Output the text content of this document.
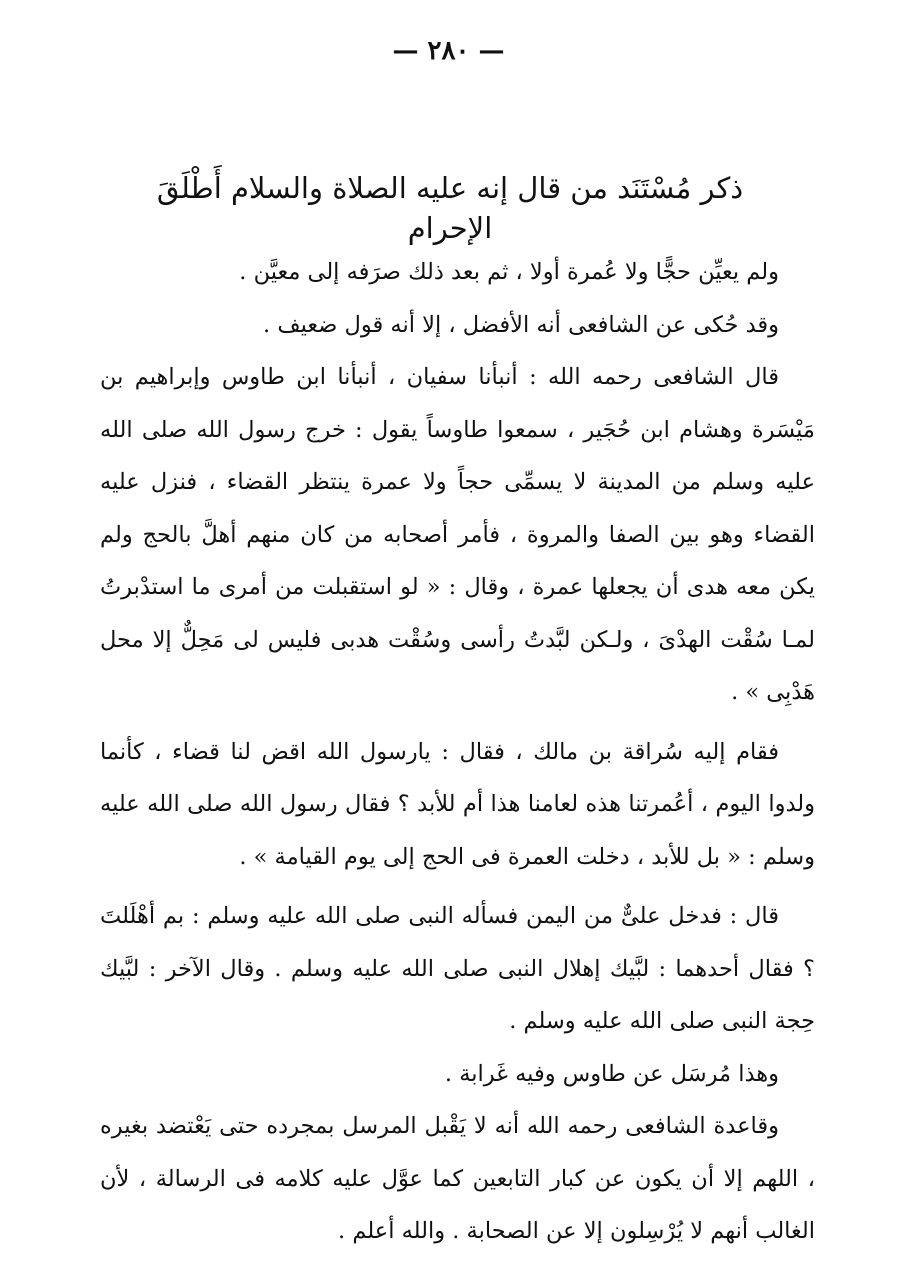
— ٢٨٠ —
ذكر مُسْتَنَد من قال إنه عليه الصلاة والسلام أَطْلَقَ الإحرام

ولم يعيِّن حجًّا ولا عُمرة أولا ، ثم بعد ذلك صرَفه إلى معيَّن .

وقد حُكى عن الشافعى أنه الأفضل ، إلا أنه قول ضعيف .

قال الشافعى رحمه الله : أنبأنا سفيان ، أنبأنا ابن طاوس وإبراهيم بن مَيْسَرة وهشام ابن حُجَير ، سمعوا طاوساً يقول : خرج رسول الله صلى الله عليه وسلم من المدينة لا يسمِّى حجاً ولا عمرة ينتظر القضاء ، فنزل عليه القضاء وهو بين الصفا والمروة ، فأمر أصحابه من كان منهم أهلَّ بالحج ولم يكن معه هدى أن يجعلها عمرة ، وقال : « لو استقبلت من أمرى ما استدْبرتُ لمـا سُقْت الهدْىَ ، ولـكن لبَّدتُ رأسى وسُقْت هدبى فليس لى مَحِلٌّ إلا محل هَدْبِى » .

فقام إليه سُراقة بن مالك ، فقال : يارسول الله اقض لنا قضاء ، كأنما ولدوا اليوم ، أعُمرتنا هذه لعامنا هذا أم للأبد ؟ فقال رسول الله صلى الله عليه وسلم : « بل للأبد ، دخلت العمرة فى الحج إلى يوم القيامة » .

قال : فدخل علىٌّ من اليمن فسأله النبى صلى الله عليه وسلم : بم أهْلَلتَ ؟ فقال أحدهما : لبَّيك إهلال النبى صلى الله عليه وسلم . وقال الآخر : لبَّيك حِجة النبى صلى الله عليه وسلم .

وهذا مُرسَل عن طاوس وفيه غَرابة .

وقاعدة الشافعى رحمه الله أنه لا يَقْبل المرسل بمجرده حتى يَعْتضد بغيره ، اللهم إلا أن يكون عن كبار التابعين كما عوَّل عليه كلامه فى الرسالة ، لأن الغالب أنهم لا يُرْسِلون إلا عن الصحابة . والله أعلم .
